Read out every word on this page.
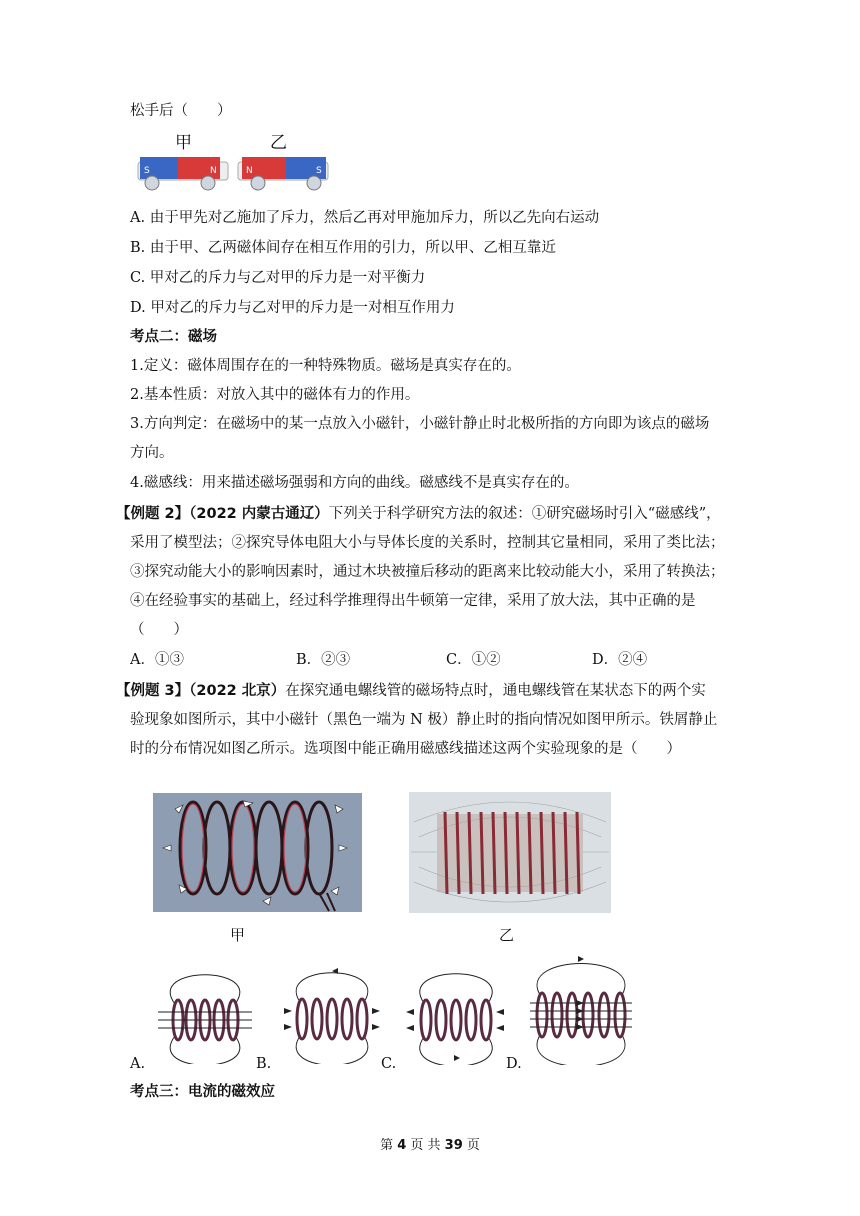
松手后（　　）
甲	乙
S	N	N	S
A. 由于甲先对乙施加了斥力，然后乙再对甲施加斥力，所以乙先向右运动
B. 由于甲、乙两磁体间存在相互作用的引力，所以甲、乙相互靠近
C. 甲对乙的斥力与乙对甲的斥力是一对平衡力
D. 甲对乙的斥力与乙对甲的斥力是一对相互作用力
考点二：磁场
1.定义：磁体周围存在的一种特殊物质。磁场是真实存在的。
2.基本性质：对放入其中的磁体有力的作用。
3.方向判定：在磁场中的某一点放入小磁针，小磁针静止时北极所指的方向即为该点的磁场
方向。
4.磁感线：用来描述磁场强弱和方向的曲线。磁感线不是真实存在的。
【例题 2】（2022 内蒙古通辽）下列关于科学研究方法的叙述：①研究磁场时引入“磁感线”，
采用了模型法；②探究导体电阻大小与导体长度的关系时，控制其它量相同，采用了类比法；
③探究动能大小的影响因素时，通过木块被撞后移动的距离来比较动能大小，采用了转换法；
④在经验事实的基础上，经过科学推理得出牛顿第一定律，采用了放大法，其中正确的是
（　　）
A．①③	B．②③	C．①②	D．②④
【例题 3】（2022 北京）在探究通电螺线管的磁场特点时，通电螺线管在某状态下的两个实
验现象如图所示，其中小磁针（黑色一端为 N 极）静止时的指向情况如图甲所示。铁屑静止
时的分布情况如图乙所示。选项图中能正确用磁感线描述这两个实验现象的是（　　）
甲	乙
A.	B.	C.	D.
考点三：电流的磁效应
第 4 页 共 39 页
